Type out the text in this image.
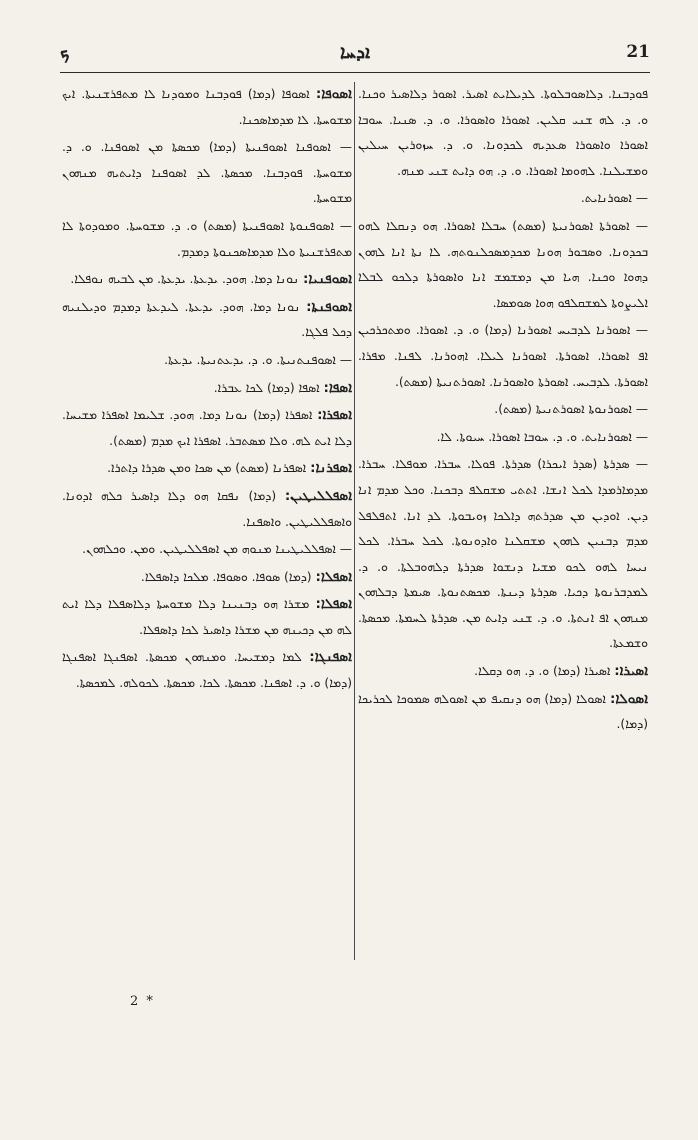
ܟ	ܐܕܚܐ	21

ܦܘܕܒܢܐ. ܕܠܐܣܘܒܠܘܬܐ. ܠܕܝܠܐܝܬ ܐܣܝܪ. ܐܣܘܪ ܕܠܐܣܝܪ ܘܟܢܐ. ܘ. ܕ. ܠܗ ܫܢܝ ܩܠܝܢ. ܐܣܘܪܐ ܘܐܣܘܪܐ. ܘ. ܕ. ܣܢܝܐ. ܚܘܒܐ ܐܣܘܪܐ ܘܐܣܘܪܐ ܣܥܕܝܗ ܠܟܕܘܢܐ. ܘ. ܕ. ܚܙܘܪܝܢ ܚܝܠܝܢ ܘܡܫܝܠܢܐ. ܠܗܘܡܐ ܐܣܘܪܐ. ܘ. ܕ. ܗܘ ܕܐܝܬ ܫܢܝ ܡܢܗ.

— ܐܣܘܪܢܐܝܬ.

— ܐܣܘܪܬܐ ܐܣܘܪܢܝܬܐ (ܡܣܬ) ܚܒܠܐ ܐܣܘܪܐ. ܗܘ ܕܢܩܠܐ ܠܗܘ ܒܟܕܘܢܐ. ܘܣܒܘܪ ܗܘܢܐ ܡܟܕܡܣܟܠܢܘܬܗ. ܠܐ ܢܬܐ ܐܢܐ ܠܗܘܢ ܕܗܘܐ ܘܟܢܐ. ܗܝܐ ܡܢ ܕܡܫܡܫ ܐܢܐ ܘܐܣܘܪܬܐ ܕܠܟܘ ܠܒܠܐ ܐܠܝܨܘܬܐ ܠܡܫܩܠܦܘ ܗܘܐ ܣܘܡܣܐ.

— ܐܣܘܪܢܐ ܠܕܒܝܚ ܐܣܘܪܢܐ (ܕܡܐ) ܘ. ܕ. ܐܣܘܪܐ. ܘܡܬܟܪܟܝܢ ܐܦ ܐܣܘܪܐ. ܐܣܘܪܬܐ. ܐܣܘܪܢܐ ܠܝܠܐ. ܐܗܘܪܢܐ. ܠܦܢܐ. ܡܦܪܐ. ܐܣܘܪܬܐ. ܠܕܒܝܚ. ܐܣܘܪܬܐ ܘܐܣܘܪܢܐ. ܐܣܘܪܬܢܝܬܐ (ܡܣܬ).

— ܐܣܘܪܢܘܬܐ ܐܣܘܪܬܢܝܬܐ (ܡܣܬ).

— ܐܣܘܪܢܐܝܬ. ܘ. ܕ. ܚܘܒܐ ܐܣܘܪܐ. ܚܝܘܬܐ. ܠܐ.

— ܣܕܪܬܐ (ܣܕܪ ܐܝܟܪܐ) ܣܕܪܬܐ. ܦܘܠܐ. ܚܒܪܐ. ܡܘܦܠܐ. ܚܒܪܐ. ܡܕܡܐܪܡܕܐ ܠܟܠ ܐܢܫܐ. ܐܬܬܝ ܡܫܩܠܦ ܕܒܟܢܐ. ܘܟܠ ܡܕܡ ܐܢܐ ܕܝܢ. ܐܘܕܝܢ ܡܢ ܣܕܪܬܗ ܕܐܠܟܐ ܙܘܝܒܘܬܐ. ܠܕ ܐܢܐ. ܐܬܦܠܦܠ ܡܕܡ ܕܒܢܝܢ ܠܗܘܢ ܡܫܩܠܢܐ ܘܐܕܘܢܘܬܐ. ܠܟܠ ܚܒܪܐ. ܠܟܠ ܢܝܚܐ ܠܗܘ ܠܟܘ ܡܫܝܐ ܕܢܫܘܐ ܣܕܪܬܐ ܕܠܗܘܒܠܬܐ. ܘ. ܕ. ܠܡܕܒܪܢܘܬܐ ܕܟܝܐ. ܣܕܪܬܐ ܕܝܢܬܐ. ܡܟܣܬܢܘܬܐ. ܣܝܡܬܐ ܕܒܠܗܘܢ ܡܢܗܘܢ ܐܦ ܐܢܬܬܐ. ܘ. ܕ. ܫܢܝ ܕܐܝܬ ܡܢ. ܣܕܪܬܐ ܠܚܡܬܐ. ܡܟܣܬܐ. ܘܫܡܥܬܐ.

ܐܣܝܪܐ: ܐܣܝܪܐ (ܕܡܐ) ܘ. ܕ. ܗܘ ܕܩܠܐ.

ܐܣܘܠܐ: ܐܣܘܠܐ (ܕܡܐ) ܗܘ ܕܢܩܝܦ ܡܢ ܐܣܘܠܗ ܣܡܘܟܐ ܠܟܪܝܟܐ (ܕܡܐ).

ܐܣܘܦܐ: ܐܣܘܦܐ (ܕܡܐ) ܦܘܕܒܢܐ ܘܡܘܕܢܐ ܠܐ ܡܬܦܪܫܢܝܬܐ. ܐܝܟ ܡܫܘܚܬܐ. ܠܐ ܡܕܡܐܣܟܢܐ.

— ܐܣܘܦܢܐ ܐܣܘܦܢܝܬܐ (ܕܡܐ) ܡܟܣܬܐ ܡܢ ܐܣܘܦܢܐ. ܘ. ܕ. ܡܫܘܚܬܐ. ܦܘܕܒܢܐ. ܡܟܣܬܐ. ܠܕ ܐܣܘܦܢܐ ܕܐܝܬܝܗ ܡܢܗܘܢ ܡܫܘܚܬܐ.

— ܐܣܘܦܢܘܬܐ ܐܣܘܦܢܝܬܐ (ܡܣܬ) ܘ. ܕ. ܡܫܘܚܬܐ. ܘܡܘܕܘܬܐ ܠܐ ܡܬܦܪܫܢܝܬܐ ܘܠܐ ܡܕܡܐܣܟܢܘܬܐ ܕܡܕܡ.

ܐܣܘܦܢܝܐ: ܢܘܢܐ ܕܡܐ. ܗܘܕ. ܝܕܥܬܐ. ܝܕܥܬܐ. ܡܢ ܠܒܝܗ ܢܘܦܠܐ.

ܐܣܘܦܢܬܐ: ܢܘܢܐ ܕܡܐ. ܗܘܕ. ܝܕܥܬܐ. ܠܝܕܥܬܐ ܕܡܕܡ ܘܕܝܠܢܝܗ ܕܟܠ ܦܠܓܐ.

— ܐܣܘܦܢܬܢܝܬܐ. ܘ. ܕ. ܝܕܥܬܢܝܬܐ. ܝܕܥܬܐ.

ܐܣܦܐ: ܐܣܦܐ (ܕܡܐ) ܠܟܐ ܥܒܪܐ.

ܐܣܦܪܐ: ܐܣܦܪܐ (ܕܡܐ) ܢܘܢܐ ܕܡܐ. ܗܘܕ. ܫܠܝܡܐ ܐܣܦܪܐ ܡܫܝܚܐ. ܕܠܐ ܐܝܬ ܠܗ. ܘܠܐ ܡܣܬܒܪ. ܐܣܦܪܐ ܐܝܟ ܡܕܡ (ܡܣܬ).

ܐܣܦܪܢܐ: ܐܣܦܪܢܐ (ܡܣܬ) ܡܢ ܣܟܐ ܘܡܢ ܣܕܪܐ ܕܐܬܪܐ.

ܐܣܦܠܠܝܛܝܢ: (ܕܡܐ) ܢܦܩܐ ܗܘ ܕܠܐ ܕܐܣܝܪ ܟܠܗ ܐܕܘܢܐ. ܘܐܣܦܠܠܝܛܝܢ. ܘܐܣܦܢܐ.

— ܐܣܦܠܠܝܛܝܢܐ ܡܢܘܗ ܡܢ ܐܣܦܠܠܝܛܝܢ. ܘܡܢ. ܘܟܠܗܘܢ.

ܐܣܦܠܐ: (ܕܡܐ) ܣܘܦܐ. ܘܣܘܦܐ. ܡܠܟܐ ܕܐܣܦܠܐ.

ܐܣܦܠܐ: ܡܫܪܐ ܗܘ ܕܒܢܝܢܐ ܕܠܐ ܡܫܘܚܬܐ ܕܠܐܣܦܠܐ ܕܠܐ ܐܝܬ ܠܗ ܡܢ ܕܟܝܢܗ ܡܢ ܡܫܪܐ ܕܐܣܝܪ ܠܟܐ ܕܐܣܦܠܐ.

ܐܣܦܢܓܐ: ܠܡܐ ܕܡܫܝܚܐ. ܘܡܢܗܘܢ ܡܟܣܬܐ. ܐܣܦܢܓܐ ܐܣܦܢܓܐ (ܕܡܐ) ܘ. ܕ. ܐܣܦܢܐ. ܡܟܣܬܐ. ܠܟܐ. ܡܟܣܬܐ. ܠܟܘܠܗ. ܠܡܟܣܬܐ.

2 *
